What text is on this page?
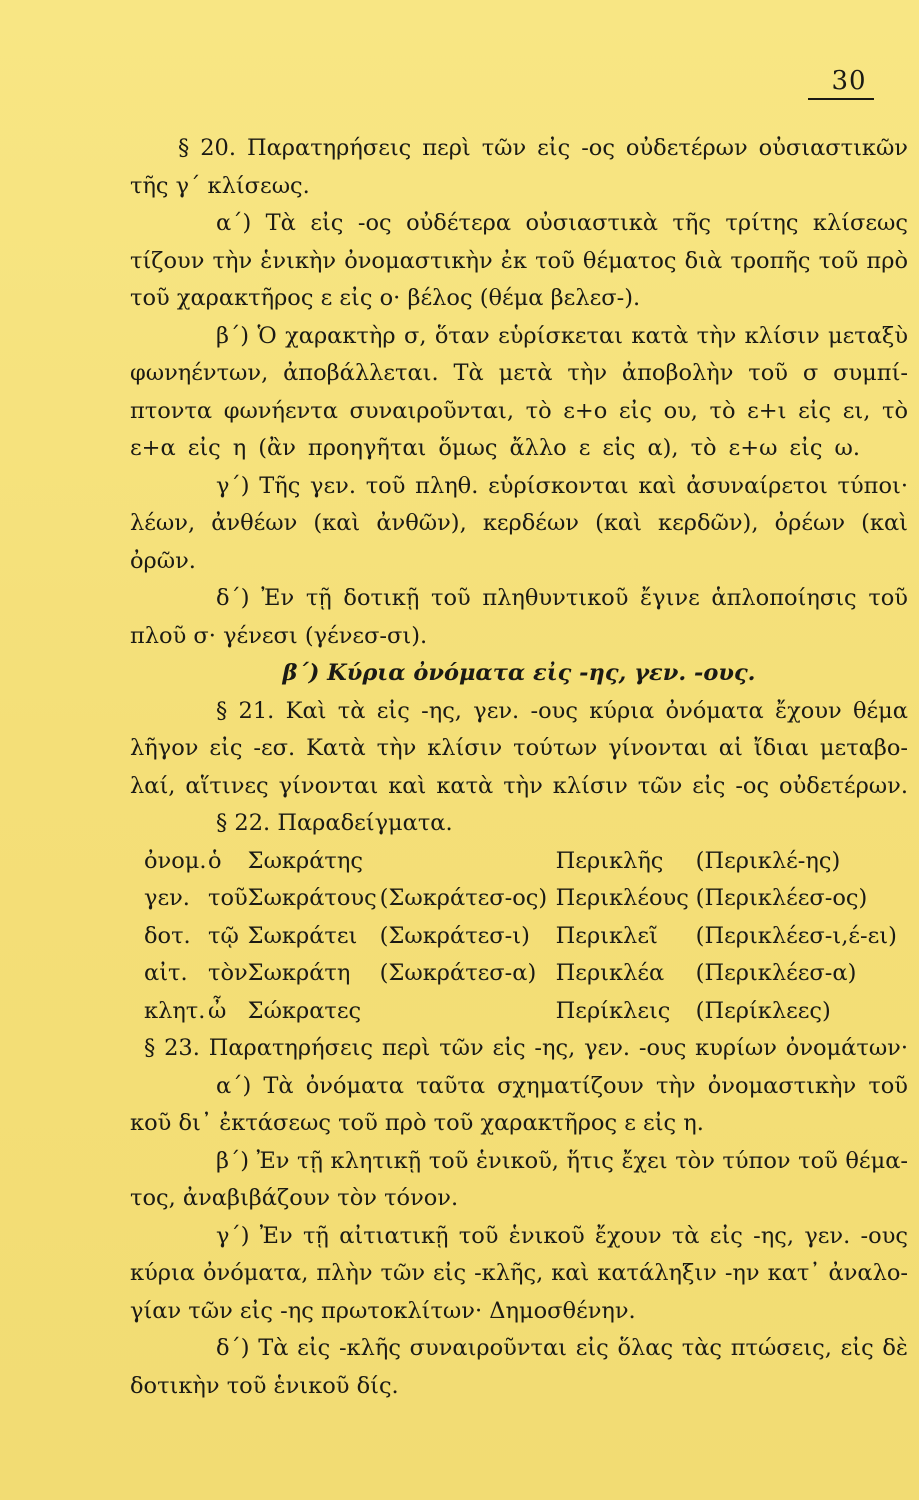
30
§ 20. Παρατηρήσεις περὶ τῶν εἰς -ος οὐδετέρων οὐσιαστικῶν
τῆς γ΄ κλίσεως.
α΄) Τὰ εἰς -ος οὐδέτερα οὐσιαστικὰ τῆς τρίτης κλίσεως
τίζουν τὴν ἑνικὴν ὀνομαστικὴν ἐκ τοῦ θέματος διὰ τροπῆς τοῦ πρὸ
τοῦ χαρακτῆρος ε εἰς ο· βέλος (θέμα βελεσ-).
β΄) Ὁ χαρακτὴρ σ, ὅταν εὑρίσκεται κατὰ τὴν κλίσιν μεταξὺ
φωνηέντων, ἀποβάλλεται. Τὰ μετὰ τὴν ἀποβολὴν τοῦ σ συμπί-
πτοντα φωνήεντα συναιροῦνται, τὸ ε+ο εἰς ου, τὸ ε+ι εἰς ει, τὸ
ε+α εἰς η (ἂν προηγῆται ὅμως ἄλλο ε εἰς α), τὸ ε+ω εἰς ω.
γ΄) Τῆς γεν. τοῦ πληθ. εὑρίσκονται καὶ ἀσυναίρετοι τύποι·
λέων, ἀνθέων (καὶ ἀνθῶν), κερδέων (καὶ κερδῶν), ὀρέων (καὶ
ὀρῶν.
δ΄) Ἐν τῇ δοτικῇ τοῦ πληθυντικοῦ ἔγινε ἁπλοποίησις τοῦ
πλοῦ σ· γένεσι (γένεσ-σι).
β΄) Κύρια ὀνόματα εἰς -ης, γεν. -ους.
§ 21. Καὶ τὰ εἰς -ης, γεν. -ους κύρια ὀνόματα ἔχουν θέμα
λῆγον εἰς -εσ. Κατὰ τὴν κλίσιν τούτων γίνονται αἱ ἴδιαι μεταβο-
λαί, αἵτινες γίνονται καὶ κατὰ τὴν κλίσιν τῶν εἰς -ος οὐδετέρων.
§ 22. Παραδείγματα.
ὀνομ.	ὁ	Σωκράτης		Περικλῆς	(Περικλέ-ης)
γεν.	τοῦ	Σωκράτους	(Σωκράτεσ-ος)	Περικλέους	(Περικλέεσ-ος)
δοτ.	τῷ	Σωκράτει	(Σωκράτεσ-ι)	Περικλεῖ	(Περικλέεσ-ι,έ-ει)
αἰτ.	τὸν	Σωκράτη	(Σωκράτεσ-α)	Περικλέα	(Περικλέεσ-α)
κλητ.	ὦ	Σώκρατες		Περίκλεις	(Περίκλεες)
§ 23. Παρατηρήσεις περὶ τῶν εἰς -ης, γεν. -ους κυρίων ὀνομάτων·
α΄) Τὰ ὀνόματα ταῦτα σχηματίζουν τὴν ὀνομαστικὴν τοῦ
κοῦ δι᾽ ἐκτάσεως τοῦ πρὸ τοῦ χαρακτῆρος ε εἰς η.
β΄) Ἐν τῇ κλητικῇ τοῦ ἑνικοῦ, ἥτις ἔχει τὸν τύπον τοῦ θέμα-
τος, ἀναβιβάζουν τὸν τόνον.
γ΄) Ἐν τῇ αἰτιατικῇ τοῦ ἑνικοῦ ἔχουν τὰ εἰς -ης, γεν. -ους
κύρια ὀνόματα, πλὴν τῶν εἰς -κλῆς, καὶ κατάληξιν -ην κατ᾽ ἀναλο-
γίαν τῶν εἰς -ης πρωτοκλίτων· Δημοσθένην.
δ΄) Τὰ εἰς -κλῆς συναιροῦνται εἰς ὅλας τὰς πτώσεις, εἰς δὲ
δοτικὴν τοῦ ἑνικοῦ δίς.
